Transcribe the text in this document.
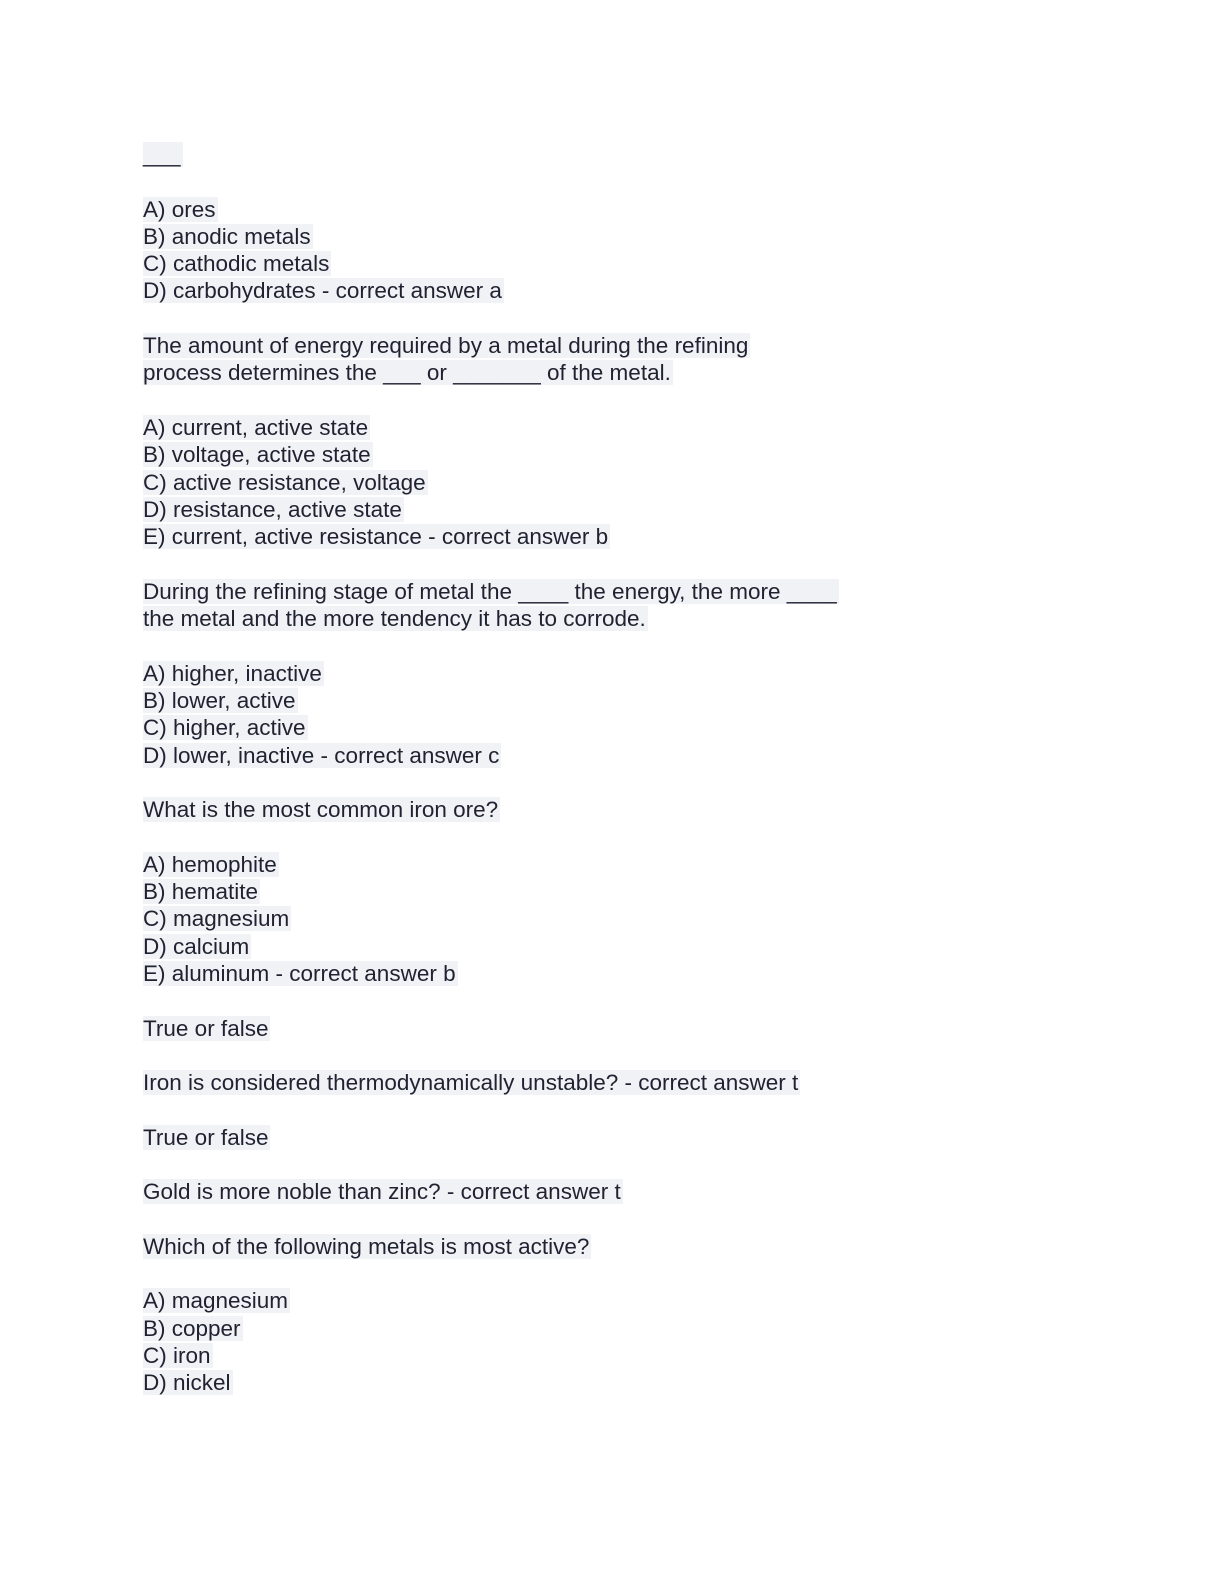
___
A) ores
B) anodic metals
C) cathodic metals
D) carbohydrates - correct answer a
The amount of energy required by a metal during the refining
process determines the ___ or _______ of the metal.
A) current, active state
B) voltage, active state
C) active resistance, voltage
D) resistance, active state
E) current, active resistance - correct answer b
During the refining stage of metal the ____ the energy, the more ____
the metal and the more tendency it has to corrode.
A) higher, inactive
B) lower, active
C) higher, active
D) lower, inactive - correct answer c
What is the most common iron ore?
A) hemophite
B) hematite
C) magnesium
D) calcium
E) aluminum - correct answer b
True or false
Iron is considered thermodynamically unstable? - correct answer t
True or false
Gold is more noble than zinc? - correct answer t
Which of the following metals is most active?
A) magnesium
B) copper
C) iron
D) nickel
